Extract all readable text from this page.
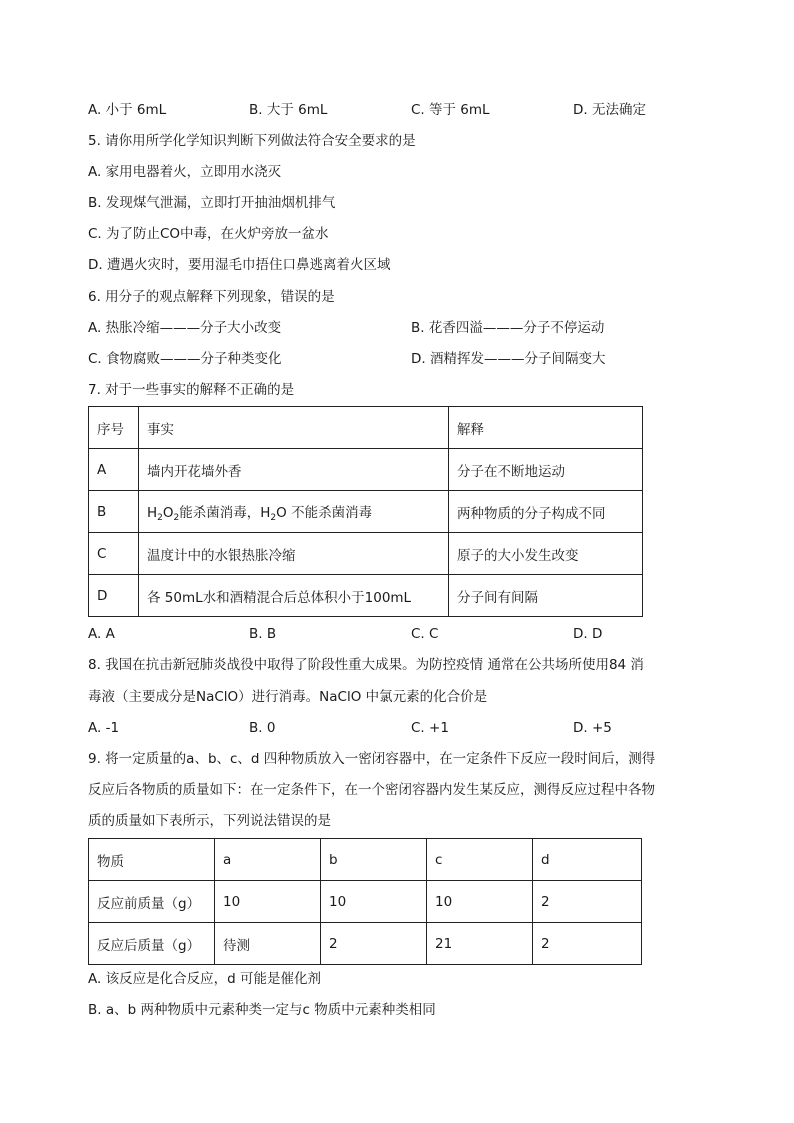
A. 小于 6mL	B. 大于 6mL	C. 等于 6mL	D. 无法确定
5. 请你用所学化学知识判断下列做法符合安全要求的是
A. 家用电器着火，立即用水浇灭
B. 发现煤气泄漏，立即打开抽油烟机排气
C. 为了防止CO中毒，在火炉旁放一盆水
D. 遭遇火灾时，要用湿毛巾捂住口鼻逃离着火区域
6. 用分子的观点解释下列现象，错误的是
A. 热胀冷缩———分子大小改变	B. 花香四溢———分子不停运动
C. 食物腐败———分子种类变化	D. 酒精挥发———分子间隔变大
7. 对于一些事实的解释不正确的是
序号	事实	解释
A	墙内开花墙外香	分子在不断地运动
B	$H_2O_2$能杀菌消毒，$H_2O$ 不能杀菌消毒	两种物质的分子构成不同
C	温度计中的水银热胀冷缩	原子的大小发生改变
D	各 50mL水和酒精混合后总体积小于100mL	分子间有间隔
A. A	B. B	C. C	D. D
8. 我国在抗击新冠肺炎战役中取得了阶段性重大成果。为防控疫情 通常在公共场所使用84 消
毒液（主要成分是NaClO）进行消毒。NaClO 中氯元素的化合价是
A. -1	B. 0	C. +1	D. +5
9. 将一定质量的a、b、c、d 四种物质放入一密闭容器中，在一定条件下反应一段时间后，测得
反应后各物质的质量如下：在一定条件下，在一个密闭容器内发生某反应，测得反应过程中各物
质的质量如下表所示，下列说法错误的是
物质	a	b	c	d
反应前质量（g）	10	10	10	2
反应后质量（g）	待测	2	21	2
A. 该反应是化合反应，d 可能是催化剂
B. a、b 两种物质中元素种类一定与c 物质中元素种类相同
